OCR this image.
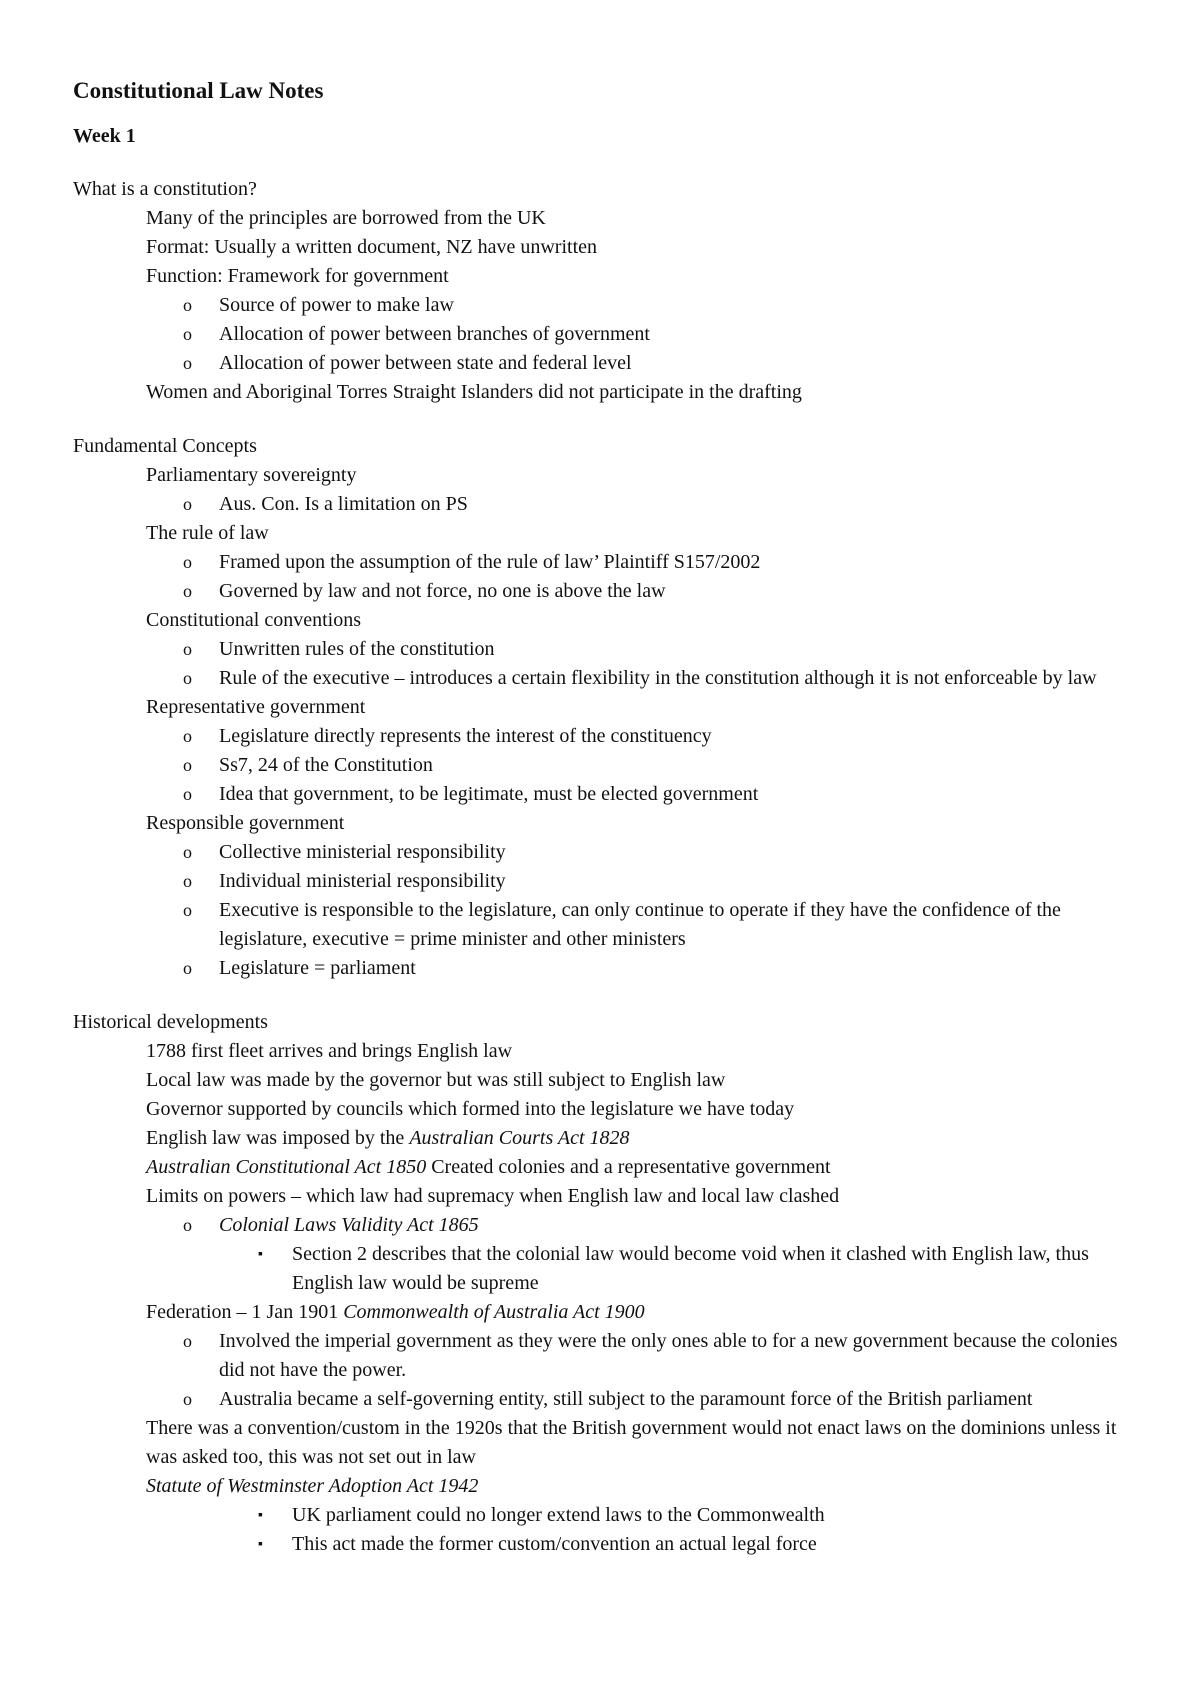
Constitutional Law Notes
Week 1
What is a constitution?
Many of the principles are borrowed from the UK
Format: Usually a written document, NZ have unwritten
Function: Framework for government
o Source of power to make law
o Allocation of power between branches of government
o Allocation of power between state and federal level
Women and Aboriginal Torres Straight Islanders did not participate in the drafting
Fundamental Concepts
Parliamentary sovereignty
o Aus. Con. Is a limitation on PS
The rule of law
o Framed upon the assumption of the rule of law’ Plaintiff S157/2002
o Governed by law and not force, no one is above the law
Constitutional conventions
o Unwritten rules of the constitution
o Rule of the executive – introduces a certain flexibility in the constitution although it is not enforceable by law
Representative government
o Legislature directly represents the interest of the constituency
o Ss7, 24 of the Constitution
o Idea that government, to be legitimate, must be elected government
Responsible government
o Collective ministerial responsibility
o Individual ministerial responsibility
o Executive is responsible to the legislature, can only continue to operate if they have the confidence of the legislature, executive = prime minister and other ministers
o Legislature = parliament
Historical developments
1788 first fleet arrives and brings English law
Local law was made by the governor but was still subject to English law
Governor supported by councils which formed into the legislature we have today
English law was imposed by the Australian Courts Act 1828
Australian Constitutional Act 1850 Created colonies and a representative government
Limits on powers – which law had supremacy when English law and local law clashed
o Colonial Laws Validity Act 1865
▪ Section 2 describes that the colonial law would become void when it clashed with English law, thus English law would be supreme
Federation – 1 Jan 1901 Commonwealth of Australia Act 1900
o Involved the imperial government as they were the only ones able to for a new government because the colonies did not have the power.
o Australia became a self-governing entity, still subject to the paramount force of the British parliament
There was a convention/custom in the 1920s that the British government would not enact laws on the dominions unless it was asked too, this was not set out in law
Statute of Westminster Adoption Act 1942
▪ UK parliament could no longer extend laws to the Commonwealth
▪ This act made the former custom/convention an actual legal force
